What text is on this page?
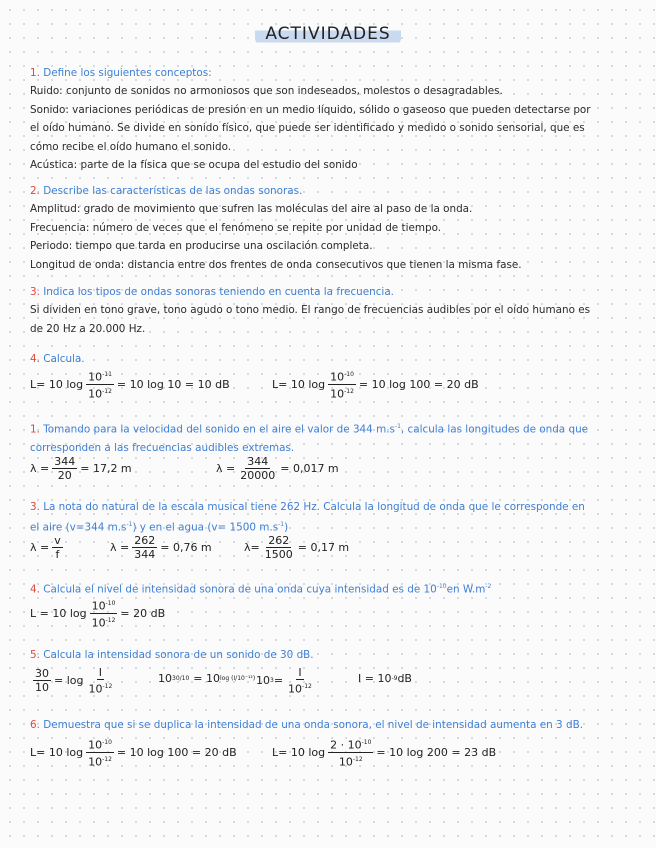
ACTIVIDADES
1. Define los siguientes conceptos:
Ruido: conjunto de sonidos no armoniosos que son indeseados, molestos o desagradables.
Sonido: variaciones periódicas de presión en un medio líquido, sólido o gaseoso que pueden detectarse por
el oído humano. Se divide en sonido físico, que puede ser identificado y medido o sonido sensorial, que es
cómo recibe el oído humano el sonido.
Acústica: parte de la física que se ocupa del estudio del sonido
2. Describe las características de las ondas sonoras.
Amplitud: grado de movimiento que sufren las moléculas del aire al paso de la onda.
Frecuencia: número de veces que el fenómeno se repite por unidad de tiempo.
Periodo: tiempo que tarda en producirse una oscilación completa.
Longitud de onda: distancia entre dos frentes de onda consecutivos que tienen la misma fase.
3. Indica los tipos de ondas sonoras teniendo en cuenta la frecuencia.
Si dividen en tono grave, tono agudo o tono medio. El rango de frecuencias audibles por el oído humano es
de 20 Hz a 20.000 Hz.
4. Calcula.
L= 10 $\log \frac{10^{-11}}{10^{-12}} = 10$ log 10 = 10 dB	L= 10 $\log \frac{10^{-10}}{10^{-12}} = 10$ log 100 = 20 dB
1. Tomando para la velocidad del sonido en el aire el valor de 344 $m.s^{-1}$, calcula las longitudes de onda que
corresponden a las frecuencias audibles extremas.
$\lambda = \frac{344}{20} = 17,2$ m	$\lambda = \frac{344}{20000} = 0,017$ m
3. La nota do natural de la escala musical tiene 262 Hz. Calcula la longitud de onda que le corresponde en
el aire (v=344 $m.s^{-1}$) y en el agua (v= 1500 $m.s^{-1}$)
$\lambda = \frac{v}{f}$	$\lambda = \frac{262}{344} = 0,76$ m	$\lambda= \frac{262}{1500} = 0,17$ m
4. Calcula el nivel de intensidad sonora de una onda cuya intensidad es de $10^{-10}en$ $W.m^{-2}$
L = 10 $\log \frac{10^{-10}}{10^{-12}} = 20$ dB
5. Calcula la intensidad sonora de un sonido de 30 dB.
$\frac{30}{10} = \log \frac{I}{10^{-12}}$	10 30/10 = 10 log (I/10⁻¹²) 10 $3 = \frac{I}{10^{-12}}$	I = 10 -9 dB
6. Demuestra que si se duplica la intensidad de una onda sonora, el nivel de intensidad aumenta en 3 dB.
L= 10 $\log \frac{10^{-10}}{10^{-12}} = 10$ log 100 = 20 dB	L= 10 $\log \frac{2 \cdot 10^{-10}}{10^{-12}} = 10$ log 200 = 23 dB
